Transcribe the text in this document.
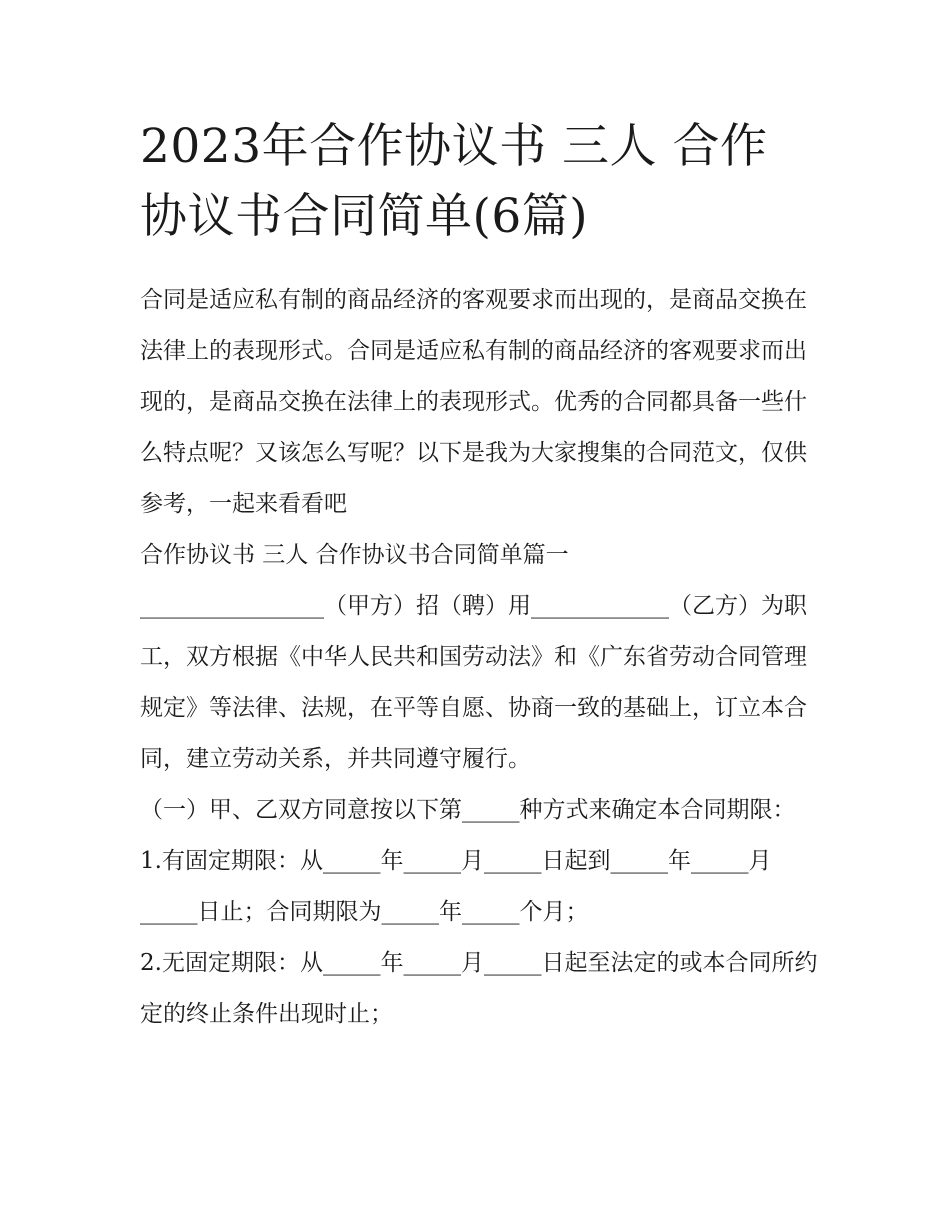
2023年合作协议书 三人 合作
协议书合同简单(6篇)

合同是适应私有制的商品经济的客观要求而出现的，是商品交换在法律上的表现形式。合同是适应私有制的商品经济的客观要求而出现的，是商品交换在法律上的表现形式。优秀的合同都具备一些什么特点呢？又该怎么写呢？以下是我为大家搜集的合同范文，仅供参考，一起来看看吧

合作协议书 三人 合作协议书合同简单篇一

________________（甲方）招（聘）用____________（乙方）为职工，双方根据《中华人民共和国劳动法》和《广东省劳动合同管理规定》等法律、法规，在平等自愿、协商一致的基础上，订立本合同，建立劳动关系，并共同遵守履行。

（一）甲、乙双方同意按以下第_____种方式来确定本合同期限：

1.有固定期限：从_____年_____月_____日起到_____年_____月_____日止；合同期限为_____年_____个月；

2.无固定期限：从_____年_____月_____日起至法定的或本合同所约定的终止条件出现时止；
